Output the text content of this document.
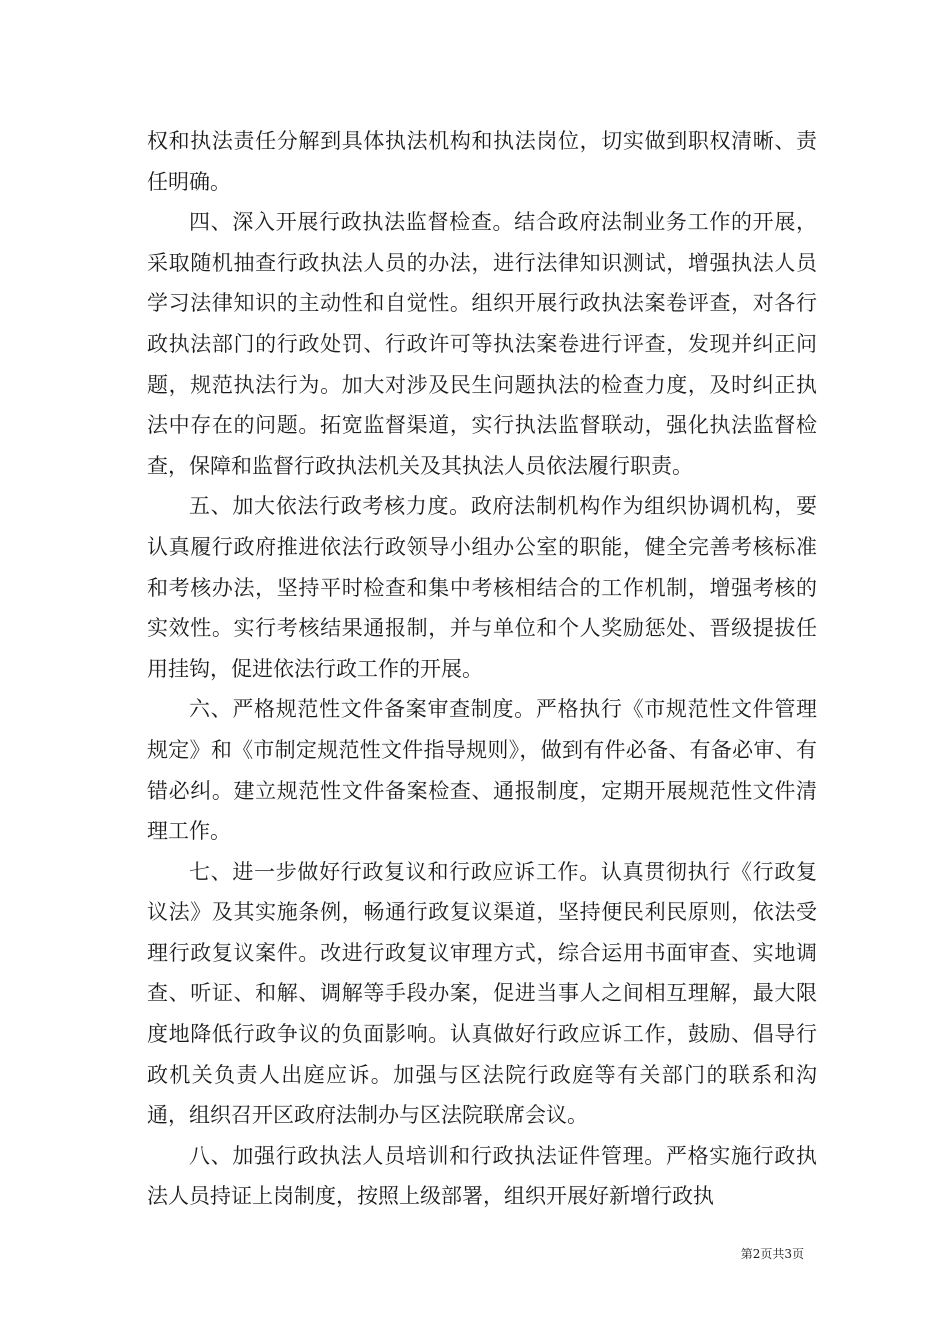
权和执法责任分解到具体执法机构和执法岗位，切实做到职权清晰、责任明确。

四、深入开展行政执法监督检查。结合政府法制业务工作的开展，采取随机抽查行政执法人员的办法，进行法律知识测试，增强执法人员学习法律知识的主动性和自觉性。组织开展行政执法案卷评查，对各行政执法部门的行政处罚、行政许可等执法案卷进行评查，发现并纠正问题，规范执法行为。加大对涉及民生问题执法的检查力度，及时纠正执法中存在的问题。拓宽监督渠道，实行执法监督联动，强化执法监督检查，保障和监督行政执法机关及其执法人员依法履行职责。

五、加大依法行政考核力度。政府法制机构作为组织协调机构，要认真履行政府推进依法行政领导小组办公室的职能，健全完善考核标准和考核办法，坚持平时检查和集中考核相结合的工作机制，增强考核的实效性。实行考核结果通报制，并与单位和个人奖励惩处、晋级提拔任用挂钩，促进依法行政工作的开展。

六、严格规范性文件备案审查制度。严格执行《市规范性文件管理规定》和《市制定规范性文件指导规则》，做到有件必备、有备必审、有错必纠。建立规范性文件备案检查、通报制度，定期开展规范性文件清理工作。

七、进一步做好行政复议和行政应诉工作。认真贯彻执行《行政复议法》及其实施条例，畅通行政复议渠道，坚持便民利民原则，依法受理行政复议案件。改进行政复议审理方式，综合运用书面审查、实地调查、听证、和解、调解等手段办案，促进当事人之间相互理解，最大限度地降低行政争议的负面影响。认真做好行政应诉工作，鼓励、倡导行政机关负责人出庭应诉。加强与区法院行政庭等有关部门的联系和沟通，组织召开区政府法制办与区法院联席会议。

八、加强行政执法人员培训和行政执法证件管理。严格实施行政执法人员持证上岗制度，按照上级部署，组织开展好新增行政执

第2页共3页
